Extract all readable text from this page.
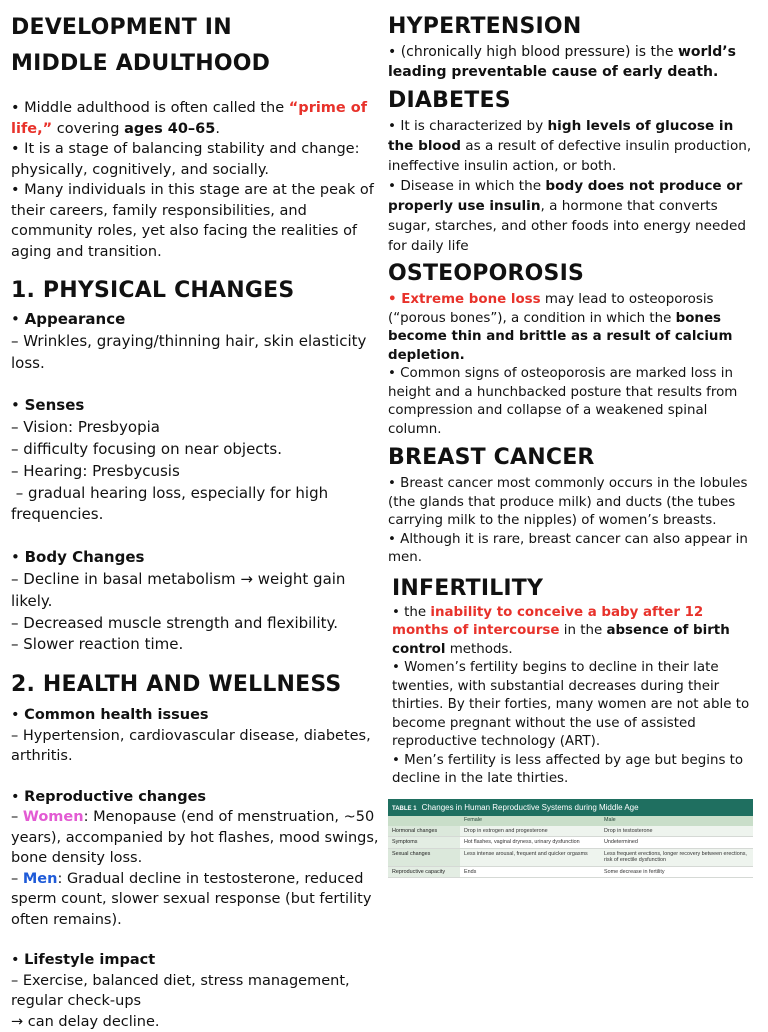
DEVELOPMENT IN
MIDDLE ADULTHOOD

• Middle adulthood is often called the “prime of life,” covering ages 40–65.

• It is a stage of balancing stability and change: physically, cognitively, and socially.

• Many individuals in this stage are at the peak of their careers, family responsibilities, and community roles, yet also facing the realities of aging and transition.

1. PHYSICAL CHANGES

• Appearance

– Wrinkles, graying/thinning hair, skin elasticity loss.

• Senses

– Vision: Presbyopia

– difficulty focusing on near objects.

– Hearing: Presbycusis

– gradual hearing loss, especially for high frequencies.

• Body Changes

– Decline in basal metabolism → weight gain likely.

– Decreased muscle strength and flexibility.

– Slower reaction time.

2. HEALTH AND WELLNESS

• Common health issues

– Hypertension, cardiovascular disease, diabetes, arthritis.

• Reproductive changes

– Women: Menopause (end of menstruation, ~50 years), accompanied by hot flashes, mood swings, bone density loss.

– Men: Gradual decline in testosterone, reduced sperm count, slower sexual response (but fertility often remains).

• Lifestyle impact

– Exercise, balanced diet, stress management, regular check-ups

→ can delay decline.

HYPERTENSION

• (chronically high blood pressure) is the world’s leading preventable cause of early death.

DIABETES

• It is characterized by high levels of glucose in the blood as a result of defective insulin production, ineffective insulin action, or both.

• Disease in which the body does not produce or properly use insulin, a hormone that converts sugar, starches, and other foods into energy needed for daily life

OSTEOPOROSIS

• Extreme bone loss may lead to osteoporosis (“porous bones”), a condition in which the bones become thin and brittle as a result of calcium depletion.

• Common signs of osteoporosis are marked loss in height and a hunchbacked posture that results from compression and collapse of a weakened spinal column.

BREAST CANCER

• Breast cancer most commonly occurs in the lobules (the glands that produce milk) and ducts (the tubes carrying milk to the nipples) of women’s breasts.

• Although it is rare, breast cancer can also appear in men.

INFERTILITY

• the inability to conceive a baby after 12 months of intercourse in the absence of birth control methods.

• Women’s fertility begins to decline in their late twenties, with substantial decreases during their thirties. By their forties, many women are not able to become pregnant without the use of assisted reproductive technology (ART).

• Men’s fertility is less affected by age but begins to decline in the late thirties.

TABLE 1 Changes in Human Reproductive Systems during Middle Age
	Female	Male
Hormonal changes	Drop in estrogen and progesterone	Drop in testosterone
Symptoms	Hot flashes, vaginal dryness, urinary dysfunction	Undetermined
Sexual changes	Less intense arousal, frequent and quicker orgasms	Less frequent erections, longer recovery between erections, risk of erectile dysfunction
Reproductive capacity	Ends	Some decrease in fertility
